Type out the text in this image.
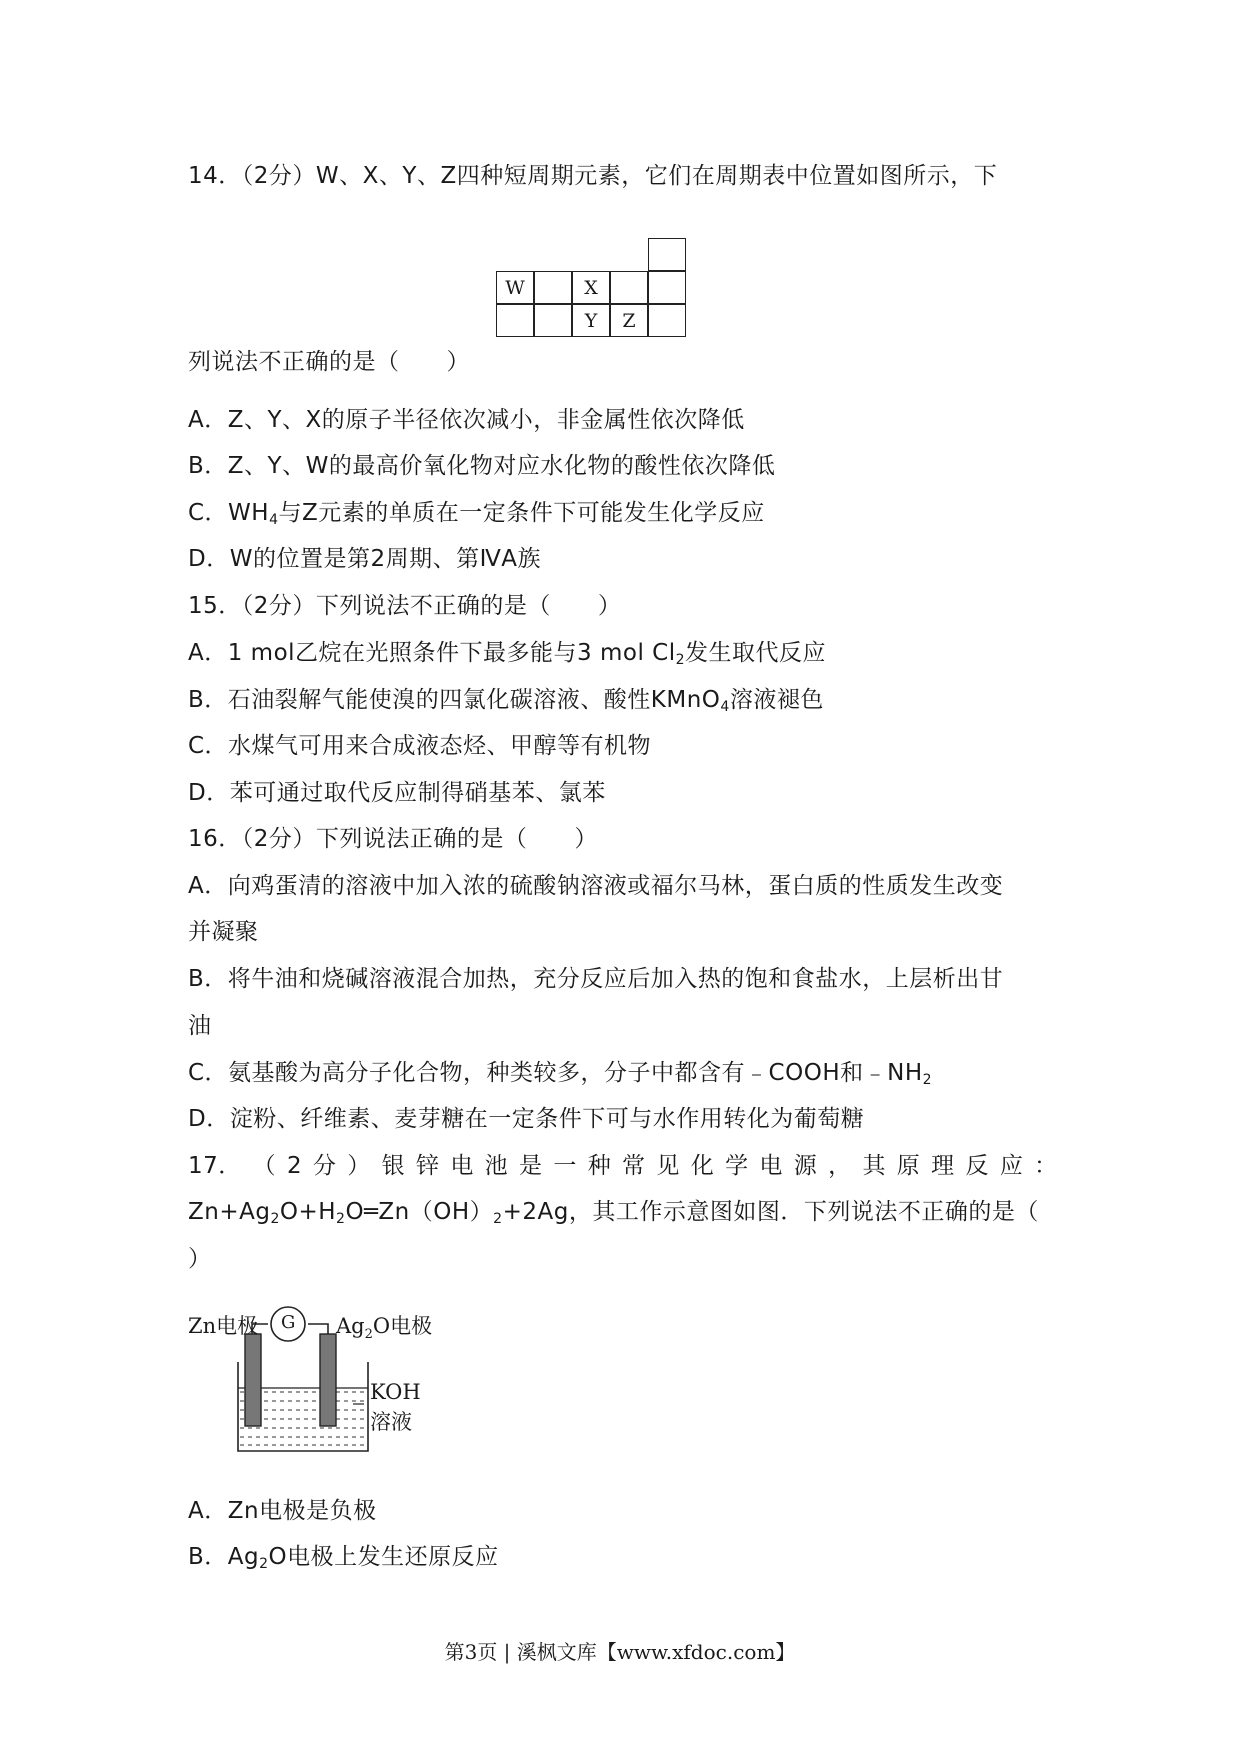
14．（2分）W、X、Y、Z四种短周期元素，它们在周期表中位置如图所示，下
W	X
Y	Z
列说法不正确的是（　　）
A．Z、Y、X的原子半径依次减小，非金属性依次降低
B．Z、Y、W的最高价氧化物对应水化物的酸性依次降低
C．$WH_4$与Z元素的单质在一定条件下可能发生化学反应
D．W的位置是第2周期、第ⅣA族
15．（2分）下列说法不正确的是（　　）
A．1 mol乙烷在光照条件下最多能与3 mol $Cl_2$发生取代反应
B．石油裂解气能使溴的四氯化碳溶液、酸性KMnO$_4$溶液褪色
C．水煤气可用来合成液态烃、甲醇等有机物
D．苯可通过取代反应制得硝基苯、氯苯
16．（2分）下列说法正确的是（　　）
A．向鸡蛋清的溶液中加入浓的硫酸钠溶液或福尔马林，蛋白质的性质发生改变
并凝聚
B．将牛油和烧碱溶液混合加热，充分反应后加入热的饱和食盐水，上层析出甘
油
C．氨基酸为高分子化合物，种类较多，分子中都含有﹣COOH和$﹣NH_2$
D．淀粉、纤维素、麦芽糖在一定条件下可与水作用转化为葡萄糖
17． （ 2 分 ） 银 锌 电 池 是 一 种 常 见 化 学 电 源 ， 其 原 理 反 应 ：
$Zn+Ag_2O+H_2O═Zn(OH)_2+2Ag$，其工作示意图如图．下列说法不正确的是（
）
Zn电极 G $Ag_2O$电极
KOH
溶液
A．Zn电极是负极
B．$Ag_2O$电极上发生还原反应
第3页 | 溪枫文库【www.xfdoc.com】
